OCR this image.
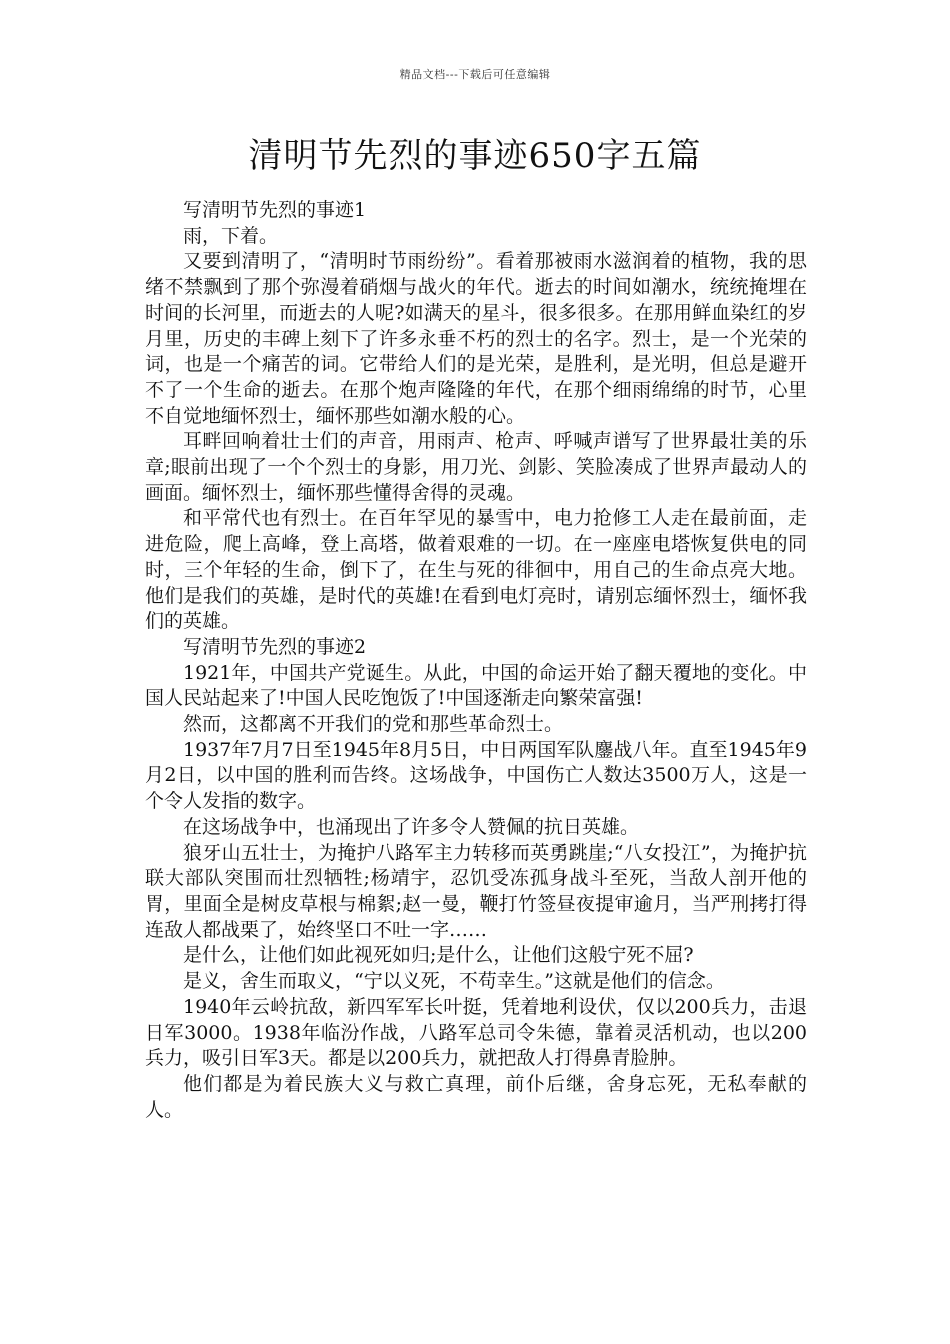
精品文档---下载后可任意编辑
清明节先烈的事迹650字五篇

写清明节先烈的事迹1

雨，下着。

又要到清明了，“清明时节雨纷纷”。看着那被雨水滋润着的植物，我的思绪不禁飘到了那个弥漫着硝烟与战火的年代。逝去的时间如潮水，统统掩埋在时间的长河里，而逝去的人呢?如满天的星斗，很多很多。在那用鲜血染红的岁月里，历史的丰碑上刻下了许多永垂不朽的烈士的名字。烈士，是一个光荣的词，也是一个痛苦的词。它带给人们的是光荣，是胜利，是光明，但总是避开不了一个生命的逝去。在那个炮声隆隆的年代，在那个细雨绵绵的时节，心里不自觉地缅怀烈士，缅怀那些如潮水般的心。

耳畔回响着壮士们的声音，用雨声、枪声、呼喊声谱写了世界最壮美的乐章;眼前出现了一个个烈士的身影，用刀光、剑影、笑脸凑成了世界声最动人的画面。缅怀烈士，缅怀那些懂得舍得的灵魂。

和平常代也有烈士。在百年罕见的暴雪中，电力抢修工人走在最前面，走进危险，爬上高峰，登上高塔，做着艰难的一切。在一座座电塔恢复供电的同时，三个年轻的生命，倒下了，在生与死的徘徊中，用自己的生命点亮大地。他们是我们的英雄，是时代的英雄!在看到电灯亮时，请别忘缅怀烈士，缅怀我们的英雄。

写清明节先烈的事迹2

1921年，中国共产党诞生。从此，中国的命运开始了翻天覆地的变化。中国人民站起来了!中国人民吃饱饭了!中国逐渐走向繁荣富强!

然而，这都离不开我们的党和那些革命烈士。

1937年7月7日至1945年8月5日，中日两国军队鏖战八年。直至1945年9月2日，以中国的胜利而告终。这场战争，中国伤亡人数达3500万人，这是一个令人发指的数字。

在这场战争中，也涌现出了许多令人赞佩的抗日英雄。

狼牙山五壮士，为掩护八路军主力转移而英勇跳崖;“八女投江”，为掩护抗联大部队突围而壮烈牺牲;杨靖宇，忍饥受冻孤身战斗至死，当敌人剖开他的胃，里面全是树皮草根与棉絮;赵一曼，鞭打竹签昼夜提审逾月，当严刑拷打得连敌人都战栗了，始终坚口不吐一字……

是什么，让他们如此视死如归;是什么，让他们这般宁死不屈?

是义，舍生而取义，“宁以义死，不苟幸生。”这就是他们的信念。

1940年云岭抗敌，新四军军长叶挺，凭着地利设伏，仅以200兵力，击退日军3000。1938年临汾作战，八路军总司令朱德，靠着灵活机动，也以200兵力，吸引日军3天。都是以200兵力，就把敌人打得鼻青脸肿。

他们都是为着民族大义与救亡真理，前仆后继，舍身忘死，无私奉献的人。
